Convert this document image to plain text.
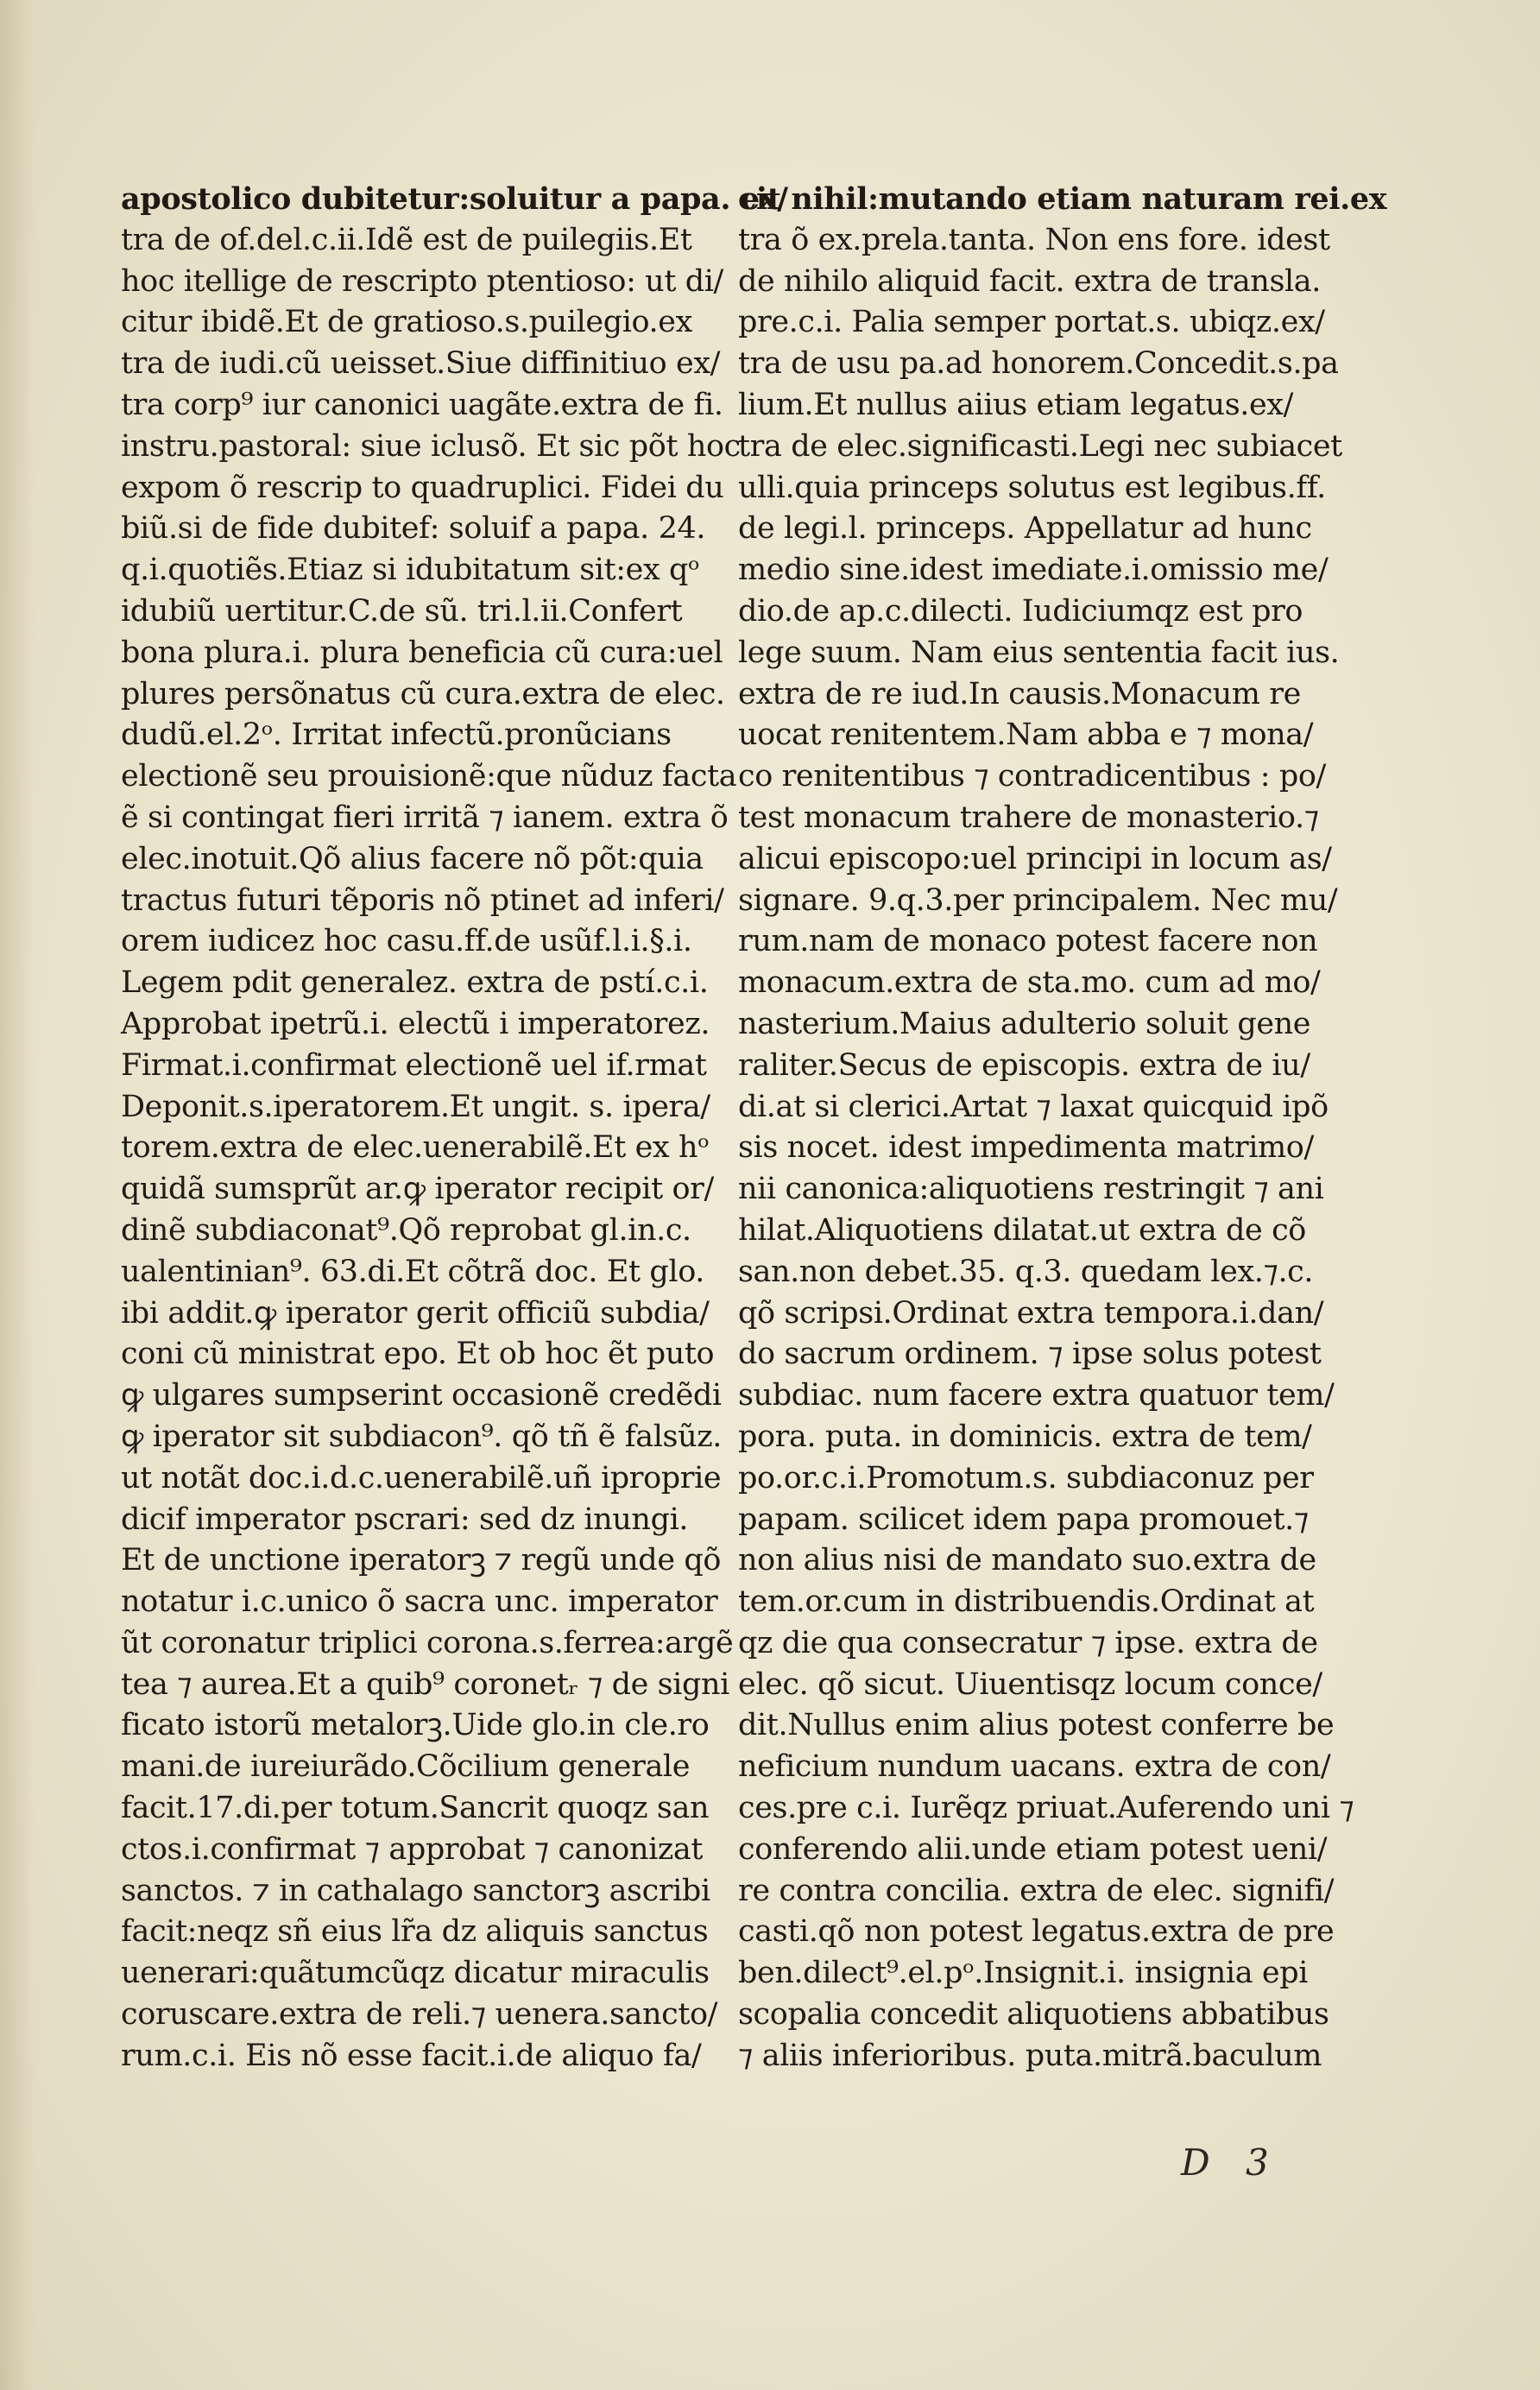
apostolico dubitetur:soluitur a papa. ex/
tra de of.del.c.ii.Idẽ est de puilegiis.Et
hoc itellige de rescripto ptentioso: ut di/
citur ibidẽ.Et de gratioso.s.puilegio.ex
tra de iudi.cũ ueisset.Siue diffinitiuo ex/
tra corp⁹ iur canonici uagãte.extra de fi.
instru.pastoral: siue iclusõ. Et sic põt hoc
expom õ rescrip to quadruplici. Fidei du
biũ.si de fide dubitef: soluif a papa. 24.
q.i.quotiẽs.Etiaz si idubitatum sit:ex qᵒ
idubiũ uertitur.C.de sũ. tri.l.ii.Confert
bona plura.i. plura beneficia cũ cura:uel
plures persõnatus cũ cura.extra de elec.
dudũ.el.2ᵒ. Irritat infectũ.pronũcians
electionẽ seu prouisionẽ:que nũduz facta
ẽ si contingat fieri irritã ⁊ ianem. extra õ
elec.inotuit.Qõ alius facere nõ põt:quia
tractus futuri tẽporis nõ ptinet ad inferi/
orem iudicez hoc casu.ff.de usũf.l.i.§.i.
Legem pdit generalez. extra de pstí.c.i.
Approbat ipetrũ.i. electũ i imperatorez.
Firmat.i.confirmat electionẽ uel if.rmat
Deponit.s.iperatorem.Et ungit. s. ipera/
torem.extra de elec.uenerabilẽ.Et ex hᵒ
quidã sumsprũt ar.ꝙ iperator recipit or/
dinẽ subdiaconat⁹.Qõ reprobat gl.in.c.
ualentinian⁹. 63.di.Et cõtrã doc. Et glo.
ibi addit.ꝙ iperator gerit officiũ subdia/
coni cũ ministrat epo. Et ob hoc ẽt puto
ꝙ ulgares sumpserint occasionẽ credẽdi
ꝙ iperator sit subdiacon⁹. qõ tñ ẽ falsũz.
ut notãt doc.i.d.c.uenerabilẽ.uñ iproprie
dicif imperator pscrari: sed dz inungi.
Et de unctione iperatorꝫ ⁊ regũ unde qõ
notatur i.c.unico õ sacra unc. imperator
ũt coronatur triplici corona.s.ferrea:argẽ
tea ⁊ aurea.Et a quib⁹ coronetᵣ ⁊ de signi
ficato istorũ metalorꝫ.Uide glo.in cle.ro
mani.de iureiurãdo.Cõcilium generale
facit.17.di.per totum.Sancrit quoqz san
ctos.i.confirmat ⁊ approbat ⁊ canonizat
sanctos. ⁊ in cathalago sanctorꝫ ascribi
facit:neqz sñ eius lr̃a dz aliquis sanctus
uenerari:quãtumcũqz dicatur miraculis
coruscare.extra de reli.⁊ uenera.sancto/
rum.c.i. Eis nõ esse facit.i.de aliquo fa/
cit nihil:mutando etiam naturam rei.ex
tra õ ex.prela.tanta. Non ens fore. idest
de nihilo aliquid facit. extra de transla.
pre.c.i. Palia semper portat.s. ubiqz.ex/
tra de usu pa.ad honorem.Concedit.s.pa
lium.Et nullus aiius etiam legatus.ex/
tra de elec.significasti.Legi nec subiacet
ulli.quia princeps solutus est legibus.ff.
de legi.l. princeps. Appellatur ad hunc
medio sine.idest imediate.i.omissio me/
dio.de ap.c.dilecti. Iudiciumqz est pro
lege suum. Nam eius sententia facit ius.
extra de re iud.In causis.Monacum re
uocat renitentem.Nam abba e ⁊ mona/
co renitentibus ⁊ contradicentibus : po/
test monacum trahere de monasterio.⁊
alicui episcopo:uel principi in locum as/
signare. 9.q.3.per principalem. Nec mu/
rum.nam de monaco potest facere non
monacum.extra de sta.mo. cum ad mo/
nasterium.Maius adulterio soluit gene
raliter.Secus de episcopis. extra de iu/
di.at si clerici.Artat ⁊ laxat quicquid ipõ
sis nocet. idest impedimenta matrimo/
nii canonica:aliquotiens restringit ⁊ ani
hilat.Aliquotiens dilatat.ut extra de cõ
san.non debet.35. q.3. quedam lex.⁊.c.
qõ scripsi.Ordinat extra tempora.i.dan/
do sacrum ordinem. ⁊ ipse solus potest
subdiac. num facere extra quatuor tem/
pora. puta. in dominicis. extra de tem/
po.or.c.i.Promotum.s. subdiaconuz per
papam. scilicet idem papa promouet.⁊
non alius nisi de mandato suo.extra de
tem.or.cum in distribuendis.Ordinat at
qz die qua consecratur ⁊ ipse. extra de
elec. qõ sicut. Uiuentisqz locum conce/
dit.Nullus enim alius potest conferre be
neficium nundum uacans. extra de con/
ces.pre c.i. Iurẽqz priuat.Auferendo uni ⁊
conferendo alii.unde etiam potest ueni/
re contra concilia. extra de elec. signifi/
casti.qõ non potest legatus.extra de pre
ben.dilect⁹.el.pᵒ.Insignit.i. insignia epi
scopalia concedit aliquotiens abbatibus
⁊ aliis inferioribus. puta.mitrã.baculum
D 3
